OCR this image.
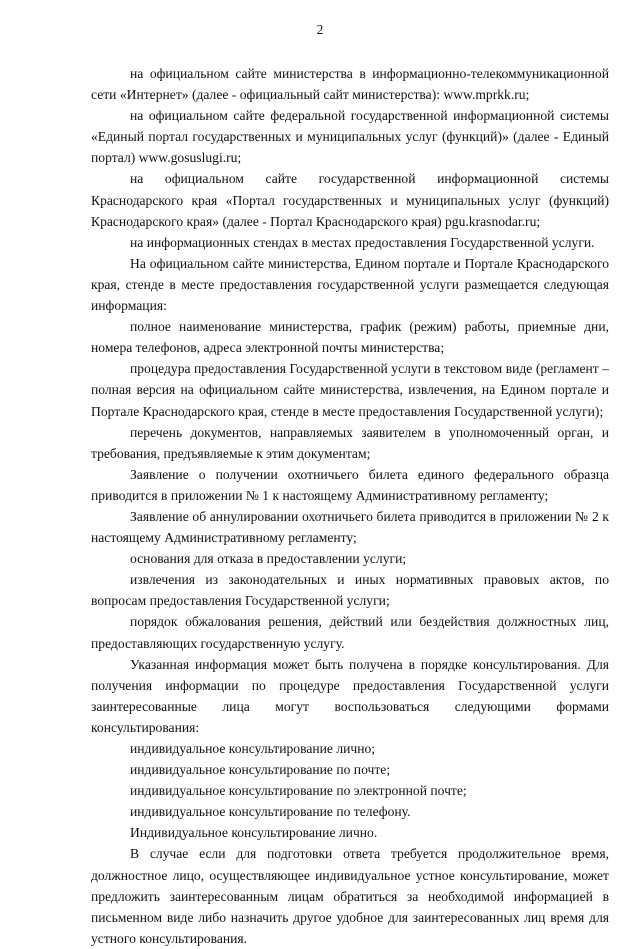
2

на официальном сайте министерства в информационно-телекоммуникационной сети «Интернет» (далее - официальный сайт министерства): www.mprkk.ru;

на официальном сайте федеральной государственной информационной системы «Единый портал государственных и муниципальных услуг (функций)» (далее - Единый портал) www.gosuslugi.ru;

на официальном сайте государственной информационной системы Краснодарского края «Портал государственных и муниципальных услуг (функций) Краснодарского края» (далее - Портал Краснодарского края) pgu.krasnodar.ru;

на информационных стендах в местах предоставления Государственной услуги.

На официальном сайте министерства, Едином портале и Портале Краснодарского края, стенде в месте предоставления государственной услуги размещается следующая информация:

полное наименование министерства, график (режим) работы, приемные дни, номера телефонов, адреса электронной почты министерства;

процедура предоставления Государственной услуги в текстовом виде (регламент – полная версия на официальном сайте министерства, извлечения, на Едином портале и Портале Краснодарского края, стенде в месте предоставления Государственной услуги);

перечень документов, направляемых заявителем в уполномоченный орган, и требования, предъявляемые к этим документам;

Заявление о получении охотничьего билета единого федерального образца приводится в приложении № 1 к настоящему Административному регламенту;

Заявление об аннулировании охотничьего билета приводится в приложении № 2 к настоящему Административному регламенту;

основания для отказа в предоставлении услуги;

извлечения из законодательных и иных нормативных правовых актов, по вопросам предоставления Государственной услуги;

порядок обжалования решения, действий или бездействия должностных лиц, предоставляющих государственную услугу.

Указанная информация может быть получена в порядке консультирования. Для получения информации по процедуре предоставления Государственной услуги заинтересованные лица могут воспользоваться следующими формами консультирования:

индивидуальное консультирование лично;

индивидуальное консультирование по почте;

индивидуальное консультирование по электронной почте;

индивидуальное консультирование по телефону.

Индивидуальное консультирование лично.

В случае если для подготовки ответа требуется продолжительное время, должностное лицо, осуществляющее индивидуальное устное консультирование, может предложить заинтересованным лицам обратиться за необходимой информацией в письменном виде либо назначить другое удобное для заинтересованных лиц время для устного консультирования.
